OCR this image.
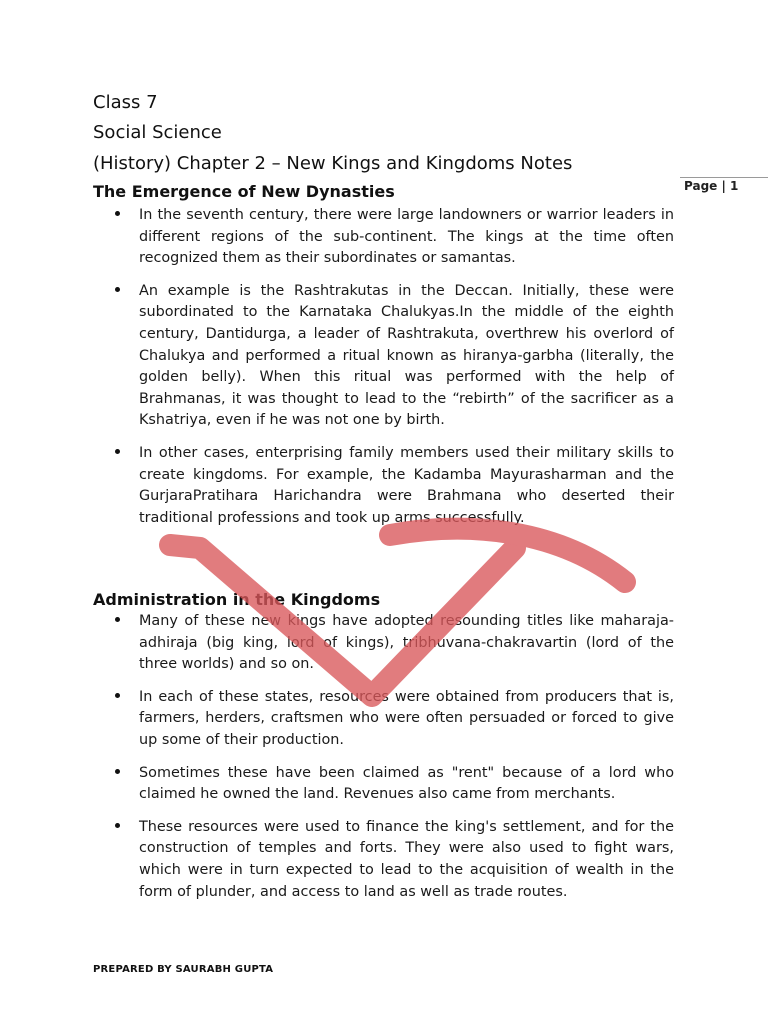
Class 7
Social Science
(History) Chapter 2 – New Kings and Kingdoms Notes
Page | 1
The Emergence of New Dynasties
In the seventh century, there were large landowners or warrior leaders in different regions of the sub-continent. The kings at the time often recognized them as their subordinates or samantas.
An example is the Rashtrakutas in the Deccan. Initially, these were subordinated to the Karnataka Chalukyas.In the middle of the eighth century, Dantidurga, a leader of Rashtrakuta, overthrew his overlord of Chalukya and performed a ritual known as hiranya-garbha (literally, the golden belly). When this ritual was performed with the help of Brahmanas, it was thought to lead to the “rebirth” of the sacrificer as a Kshatriya, even if he was not one by birth.
In other cases, enterprising family members used their military skills to create kingdoms. For example, the Kadamba Mayurasharman and the GurjaraPratihara Harichandra were Brahmana who deserted their traditional professions and took up arms successfully.
Administration in the Kingdoms
Many of these new kings have adopted resounding titles like maharaja-adhiraja (big king, lord of kings), tribhuvana-chakravartin (lord of the three worlds) and so on.
In each of these states, resources were obtained from producers that is, farmers, herders, craftsmen who were often persuaded or forced to give up some of their production.
Sometimes these have been claimed as "rent" because of a lord who claimed he owned the land. Revenues also came from merchants.
These resources were used to finance the king's settlement, and for the construction of temples and forts. They were also used to fight wars, which were in turn expected to lead to the acquisition of wealth in the form of plunder, and access to land as well as trade routes.
PREPARED BY SAURABH GUPTA
